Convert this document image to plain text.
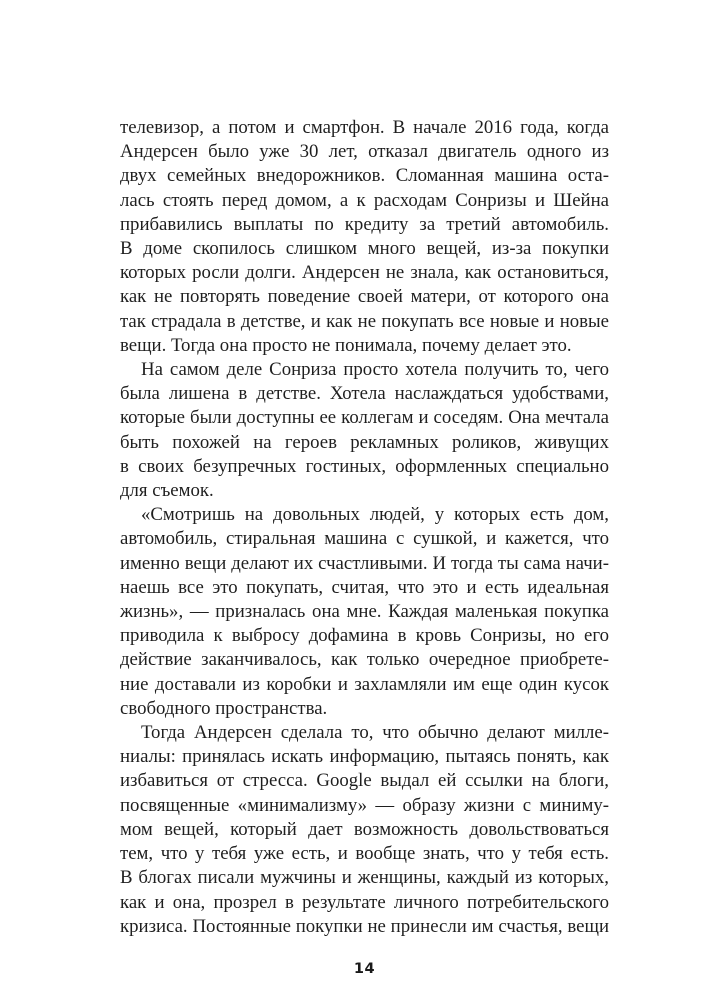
телевизор, а потом и смартфон. В начале 2016 года, когда
Андерсен было уже 30 лет, отказал двигатель одного из
двух семейных внедорожников. Сломанная машина оста-
лась стоять перед домом, а к расходам Сонризы и Шейна
прибавились выплаты по кредиту за третий автомобиль.
В доме скопилось слишком много вещей, из-за покупки
которых росли долги. Андерсен не знала, как остановиться,
как не повторять поведение своей матери, от которого она
так страдала в детстве, и как не покупать все новые и новые
вещи. Тогда она просто не понимала, почему делает это.
На самом деле Сонриза просто хотела получить то, чего
была лишена в детстве. Хотела наслаждаться удобствами,
которые были доступны ее коллегам и соседям. Она мечтала
быть похожей на героев рекламных роликов, живущих
в своих безупречных гостиных, оформленных специально
для съемок.
«Смотришь на довольных людей, у которых есть дом,
автомобиль, стиральная машина с сушкой, и кажется, что
именно вещи делают их счастливыми. И тогда ты сама начи-
наешь все это покупать, считая, что это и есть идеальная
жизнь», — призналась она мне. Каждая маленькая покупка
приводила к выбросу дофамина в кровь Сонризы, но его
действие заканчивалось, как только очередное приобрете-
ние доставали из коробки и захламляли им еще один кусок
свободного пространства.
Тогда Андерсен сделала то, что обычно делают милле-
ниалы: принялась искать информацию, пытаясь понять, как
избавиться от стресса. Google выдал ей ссылки на блоги,
посвященные «минимализму» — образу жизни с миниму-
мом вещей, который дает возможность довольствоваться
тем, что у тебя уже есть, и вообще знать, что у тебя есть.
В блогах писали мужчины и женщины, каждый из которых,
как и она, прозрел в результате личного потребительского
кризиса. Постоянные покупки не принесли им счастья, вещи
14
